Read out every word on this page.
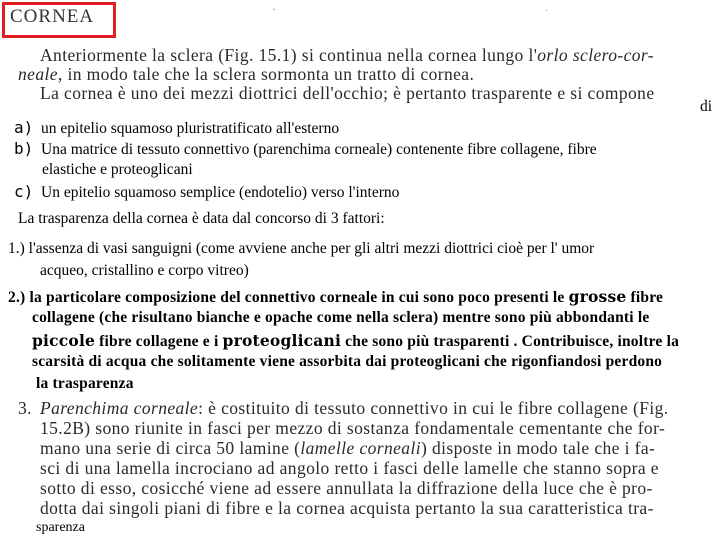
CORNEA	·	·
Anteriormente la sclera (Fig. 15.1) si continua nella cornea lungo l'orlo sclero-cor-
neale, in modo tale che la sclera sormonta un tratto di cornea.
La cornea è uno dei mezzi diottrici dell'occhio; è pertanto trasparente e si compone
di
a) un epitelio squamoso pluristratificato all'esterno
b) Una matrice di tessuto connettivo (parenchima corneale) contenente fibre collagene, fibre
elastiche e proteoglicani
c) Un epitelio squamoso semplice (endotelio) verso l'interno
La trasparenza della cornea è data dal concorso di 3 fattori:
1.) l'assenza di vasi sanguigni (come avviene anche per gli altri mezzi diottrici cioè per l' umor
acqueo, cristallino e corpo vitreo)
2.) la particolare composizione del connettivo corneale in cui sono poco presenti le grosse fibre
collagene (che risultano bianche e opache come nella sclera) mentre sono più abbondanti le
piccole fibre collagene e i proteoglicani che sono più trasparenti . Contribuisce, inoltre la
scarsità di acqua che solitamente viene assorbita dai proteoglicani che rigonfiandosi perdono
la trasparenza
3. Parenchima corneale: è costituito di tessuto connettivo in cui le fibre collagene (Fig.
15.2B) sono riunite in fasci per mezzo di sostanza fondamentale cementante che for-
mano una serie di circa 50 lamine (lamelle corneali) disposte in modo tale che i fa-
sci di una lamella incrociano ad angolo retto i fasci delle lamelle che stanno sopra e
sotto di esso, cosicché viene ad essere annullata la diffrazione della luce che è pro-
dotta dai singoli piani di fibre e la cornea acquista pertanto la sua caratteristica tra-
sparenza
